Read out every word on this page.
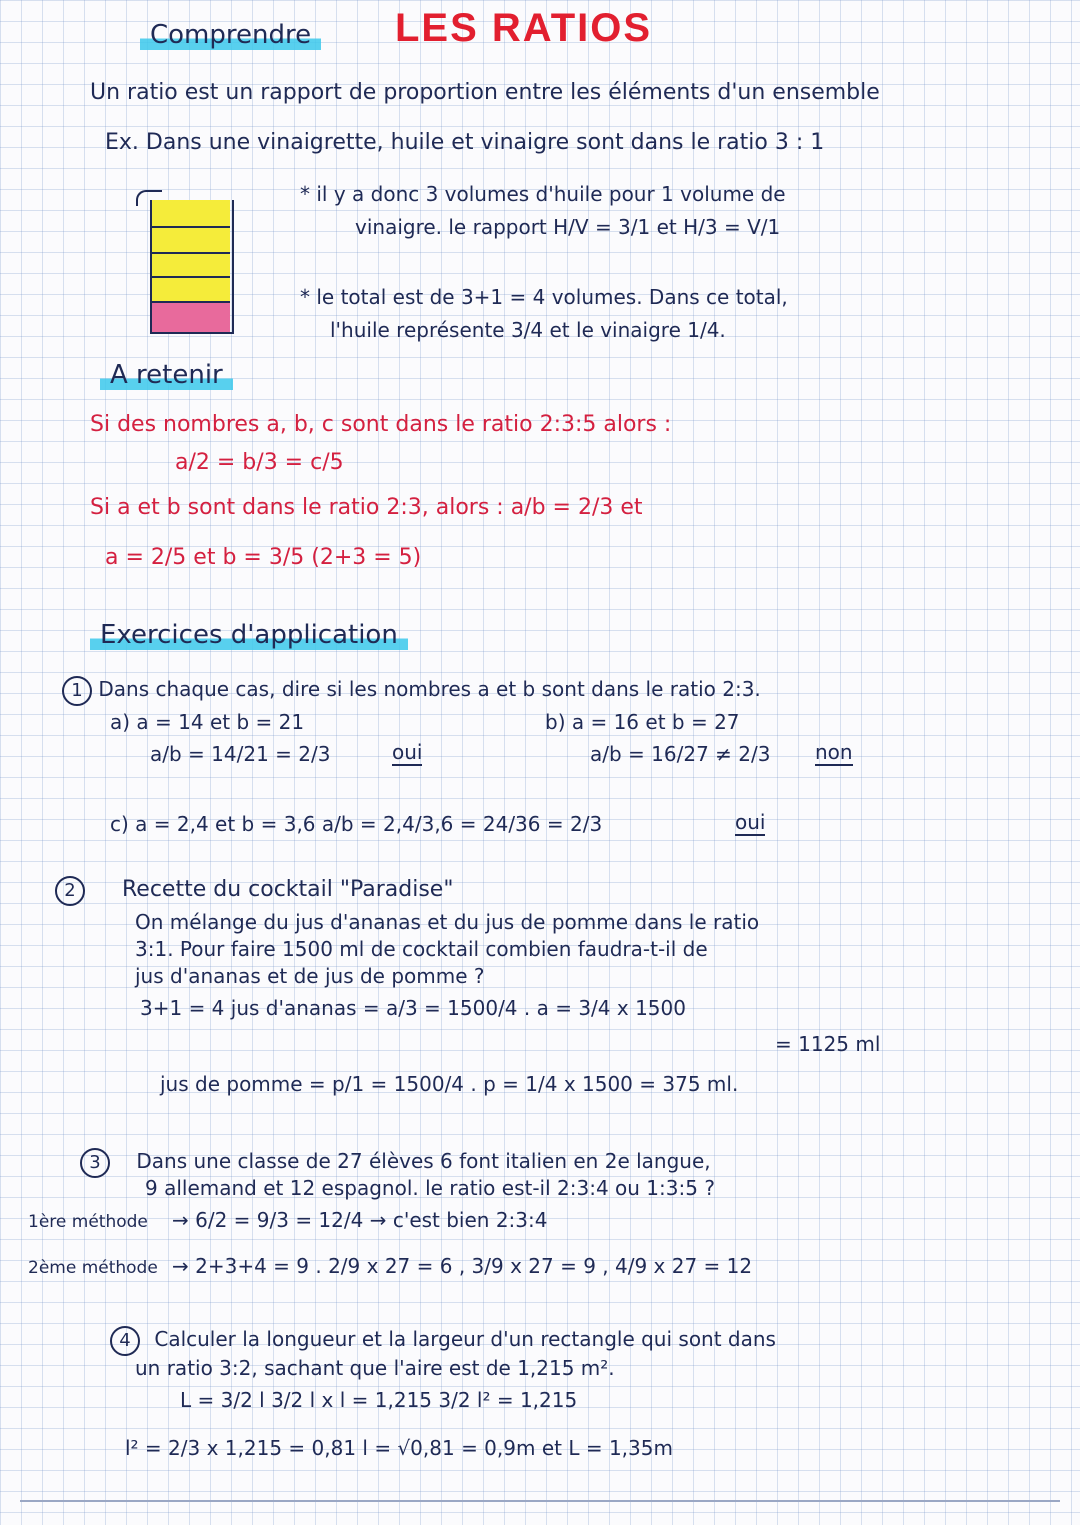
Comprendre LES RATIOS
Un ratio est un rapport de proportion entre les éléments d'un ensemble
Ex. Dans une vinaigrette, huile et vinaigre sont dans le ratio 3 : 1
* il y a donc 3 volumes d'huile pour 1 volume de
vinaigre. le rapport H/V = 3/1 et H/3 = V/1
* le total est de 3+1 = 4 volumes. Dans ce total,
l'huile représente 3/4 et le vinaigre 1/4.
A retenir
Si des nombres a, b, c sont dans le ratio 2:3:5 alors :
a/2 = b/3 = c/5
Si a et b sont dans le ratio 2:3, alors : a/b = 2/3 et
a = 2/5 et b = 3/5 (2+3 = 5)
Exercices d'application
1 Dans chaque cas, dire si les nombres a et b sont dans le ratio 2:3.
a) a = 14 et b = 21
a/b = 14/21 = 2/3	oui
b) a = 16 et b = 27
a/b = 16/27 ≠ 2/3 non
c) a = 2,4 et b = 3,6 a/b = 2,4/3,6 = 24/36 = 2/3	oui
2 Recette du cocktail "Paradise"
On mélange du jus d'ananas et du jus de pomme dans le ratio
3:1. Pour faire 1500 ml de cocktail combien faudra-t-il de
jus d'ananas et de jus de pomme ?
3+1 = 4 jus d'ananas = a/3 = 1500/4 . a = 3/4 x 1500
= 1125 ml
jus de pomme = p/1 = 1500/4 . p = 1/4 x 1500 = 375 ml.
3 Dans une classe de 27 élèves 6 font italien en 2e langue,
9 allemand et 12 espagnol. le ratio est-il 2:3:4 ou 1:3:5 ?
1ère méthode → 6/2 = 9/3 = 12/4 → c'est bien 2:3:4
2ème méthode → 2+3+4 = 9 . 2/9 x 27 = 6 , 3/9 x 27 = 9 , 4/9 x 27 = 12
4 Calculer la longueur et la largeur d'un rectangle qui sont dans
un ratio 3:2, sachant que l'aire est de 1,215 m².
L = 3/2 l 3/2 l x l = 1,215 3/2 l² = 1,215
l² = 2/3 x 1,215 = 0,81 l = √0,81 = 0,9m et L = 1,35m
